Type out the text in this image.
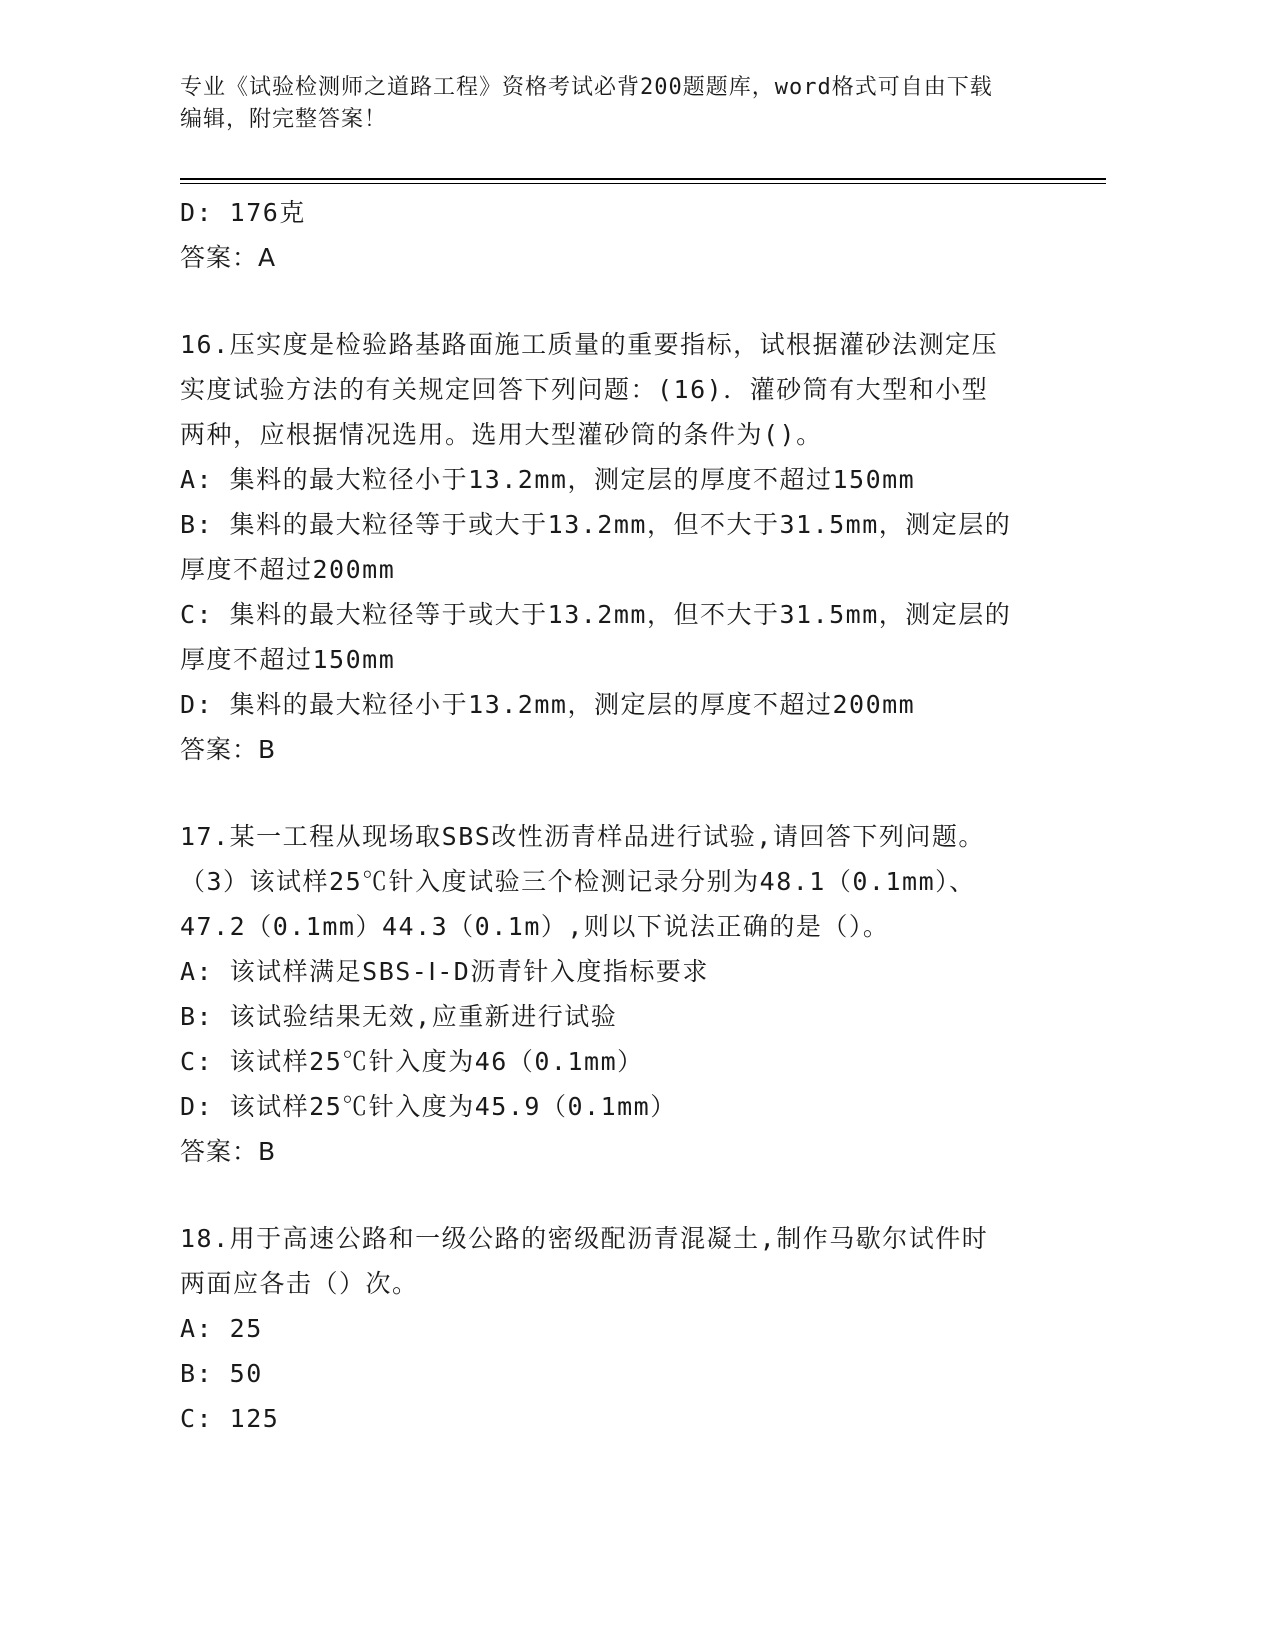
专业《试验检测师之道路工程》资格考试必背200题题库，word格式可自由下载
编辑，附完整答案！
D: 176克
答案：A
16.压实度是检验路基路面施工质量的重要指标，试根据灌砂法测定压
实度试验方法的有关规定回答下列问题：(16)．灌砂筒有大型和小型
两种，应根据情况选用。选用大型灌砂筒的条件为()。
A: 集料的最大粒径小于13.2mm，测定层的厚度不超过150mm
B: 集料的最大粒径等于或大于13.2mm，但不大于31.5mm，测定层的
厚度不超过200mm
C: 集料的最大粒径等于或大于13.2mm，但不大于31.5mm，测定层的
厚度不超过150mm
D: 集料的最大粒径小于13.2mm，测定层的厚度不超过200mm
答案：B
17.某一工程从现场取SBS改性沥青样品进行试验,请回答下列问题。
（3）该试样25℃针入度试验三个检测记录分别为48.1（0.1mm）、
47.2（0.1mm）44.3（0.1m）,则以下说法正确的是（）。
A: 该试样满足SBS-Ⅰ-D沥青针入度指标要求
B: 该试验结果无效,应重新进行试验
C: 该试样25℃针入度为46（0.1mm）
D: 该试样25℃针入度为45.9（0.1mm）
答案：B
18.用于高速公路和一级公路的密级配沥青混凝土,制作马歇尔试件时
两面应各击（）次。
A: 25
B: 50
C: 125
